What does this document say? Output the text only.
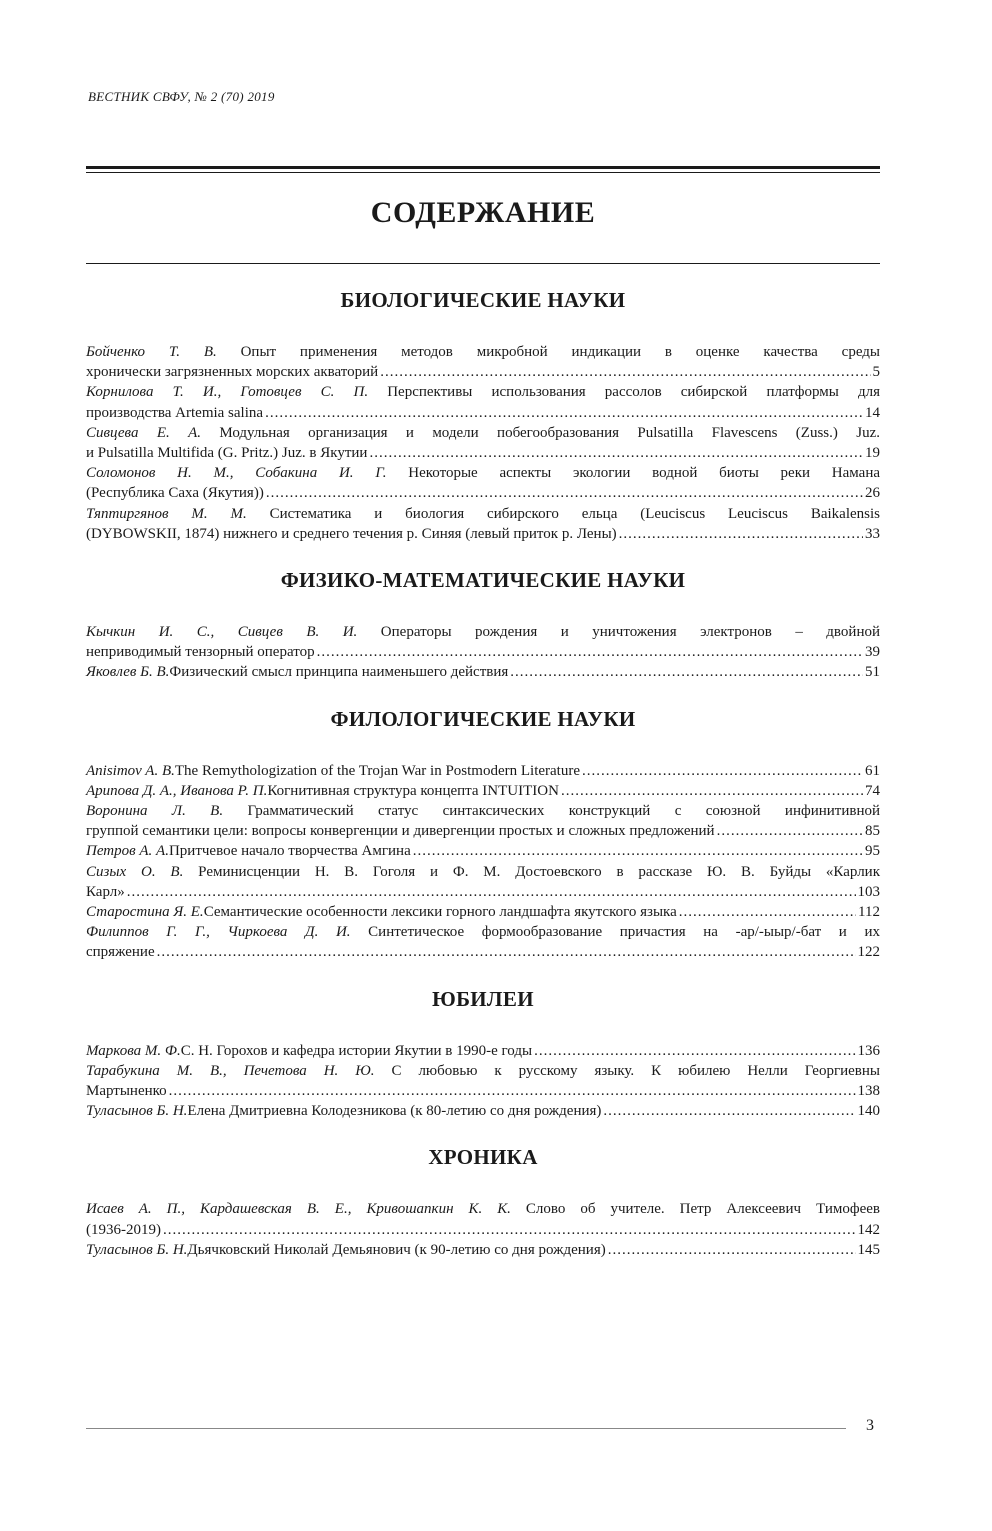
ВЕСТНИК СВФУ, № 2 (70) 2019
СОДЕРЖАНИЕ
БИОЛОГИЧЕСКИЕ НАУКИ
Бойченко Т. В. Опыт применения методов микробной индикации в оценке качества среды
хронически загрязненных морских акваторий .....	5
Корнилова Т. И., Готовцев С. П. Перспективы использования рассолов сибирской платформы для
производства Artemia salina .....	14
Сивцева Е. А. Модульная организация и модели побегообразования Pulsatilla Flavescens (Zuss.) Juz.
и Pulsatilla Multifida (G. Pritz.) Juz. в Якутии .....	19
Соломонов Н. М., Собакина И. Г. Некоторые аспекты экологии водной биоты реки Намана
(Республика Саха (Якутия)) .....	26
Тяптиргянов М. М. Систематика и биология сибирского ельца (Leuciscus Leuciscus Baikalensis
(DYBOWSKII, 1874) нижнего и среднего течения р. Синяя (левый приток р. Лены) .....	33
ФИЗИКО-МАТЕМАТИЧЕСКИЕ НАУКИ
Кычкин И. С., Сивцев В. И. Операторы рождения и уничтожения электронов – двойной
неприводимый тензорный оператор .....	39
Яковлев Б. В. Физический смысл принципа наименьшего действия .....	51
ФИЛОЛОГИЧЕСКИЕ НАУКИ
Anisimov A. B. The Remythologization of the Trojan War in Postmodern Literature .....	61
Арипова Д. А., Иванова Р. П. Когнитивная структура концепта INTUITION .....	74
Воронина Л. В. Грамматический статус синтаксических конструкций с союзной инфинитивной
группой семантики цели: вопросы конвергенции и дивергенции простых и сложных предложений .....	85
Петров А. А. Притчевое начало творчества Амгина .....	95
Сизых О. В. Реминисценции Н. В. Гоголя и Ф. М. Достоевского в рассказе Ю. В. Буйды «Карлик
Карл» .....	103
Старостина Я. Е. Семантические особенности лексики горного ландшафта якутского языка .....	112
Филиппов Г. Г., Чиркоева Д. И. Синтетическое формообразование причастия на -ар/-ыыр/-бат и их
спряжение .....	122
ЮБИЛЕИ
Маркова М. Ф. С. Н. Горохов и кафедра истории Якутии в 1990-е годы .....	136
Тарабукина М. В., Печетова Н. Ю. С любовью к русскому языку. К юбилею Нелли Георгиевны
Мартыненко .....	138
Туласынов Б. Н. Елена Дмитриевна Колодезникова (к 80-летию со дня рождения) .....	140
ХРОНИКА
Исаев А. П., Кардашевская В. Е., Кривошапкин К. К. Слово об учителе. Петр Алексеевич Тимофеев
(1936-2019) .....	142
Туласынов Б. Н. Дьячковский Николай Демьянович (к 90-летию со дня рождения) .....	145
3
